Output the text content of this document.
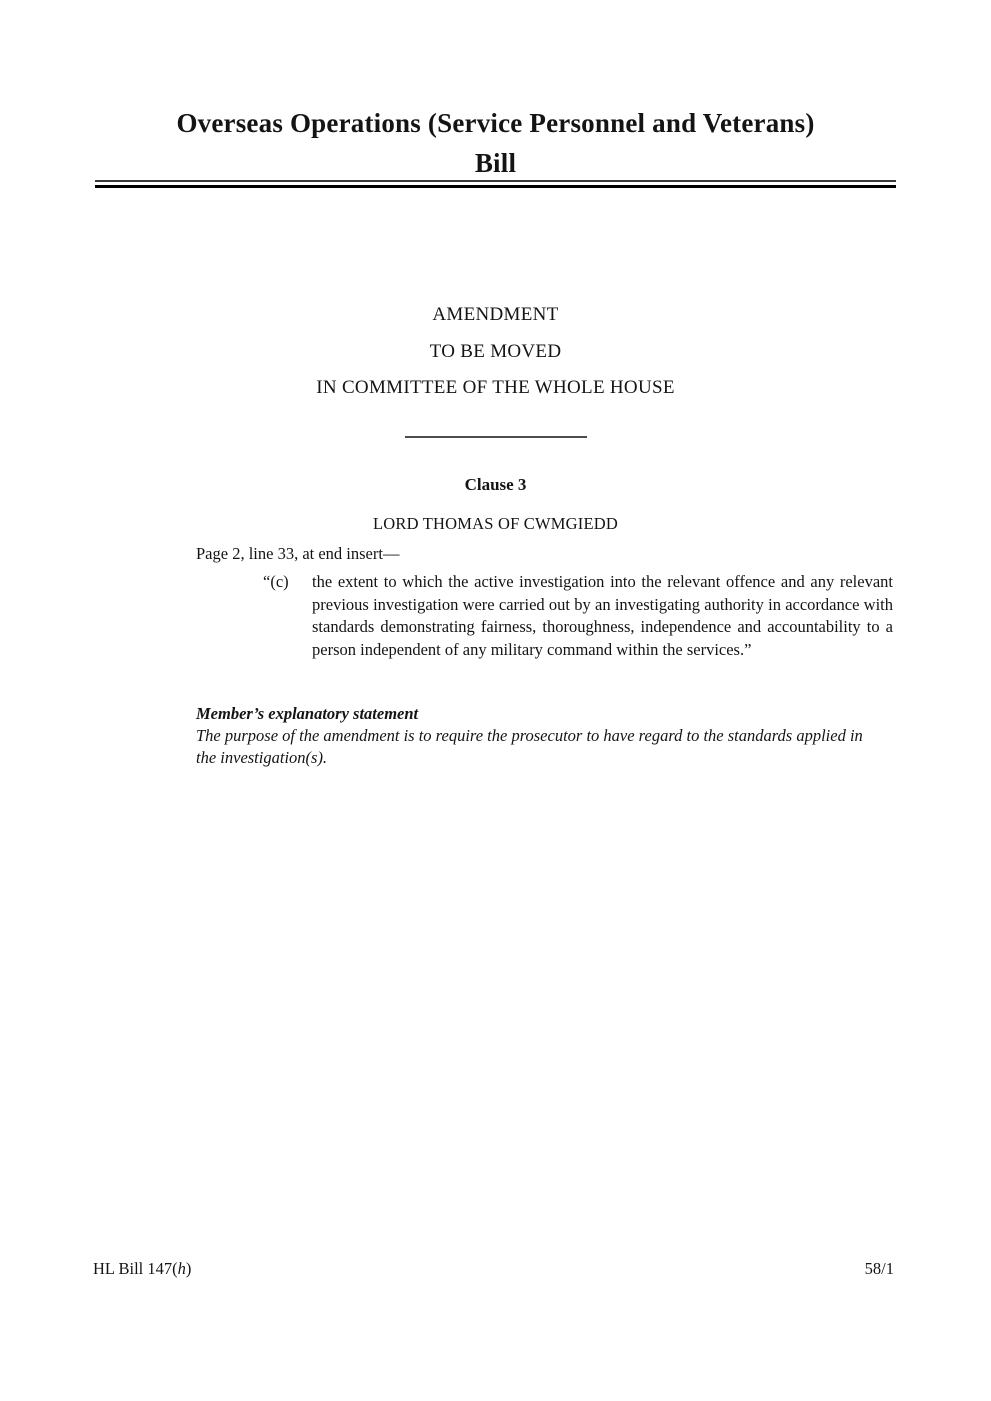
Overseas Operations (Service Personnel and Veterans)
Bill
AMENDMENT
TO BE MOVED
IN COMMITTEE OF THE WHOLE HOUSE
Clause 3
LORD THOMAS OF CWMGIEDD
Page 2, line 33, at end insert—
“(c)	the extent to which the active investigation into the relevant offence and any relevant previous investigation were carried out by an investigating authority in accordance with standards demonstrating fairness, thoroughness, independence and accountability to a person independent of any military command within the services.”
Member’s explanatory statement
The purpose of the amendment is to require the prosecutor to have regard to the standards applied in the investigation(s).
HL Bill 147(h)	58/1
